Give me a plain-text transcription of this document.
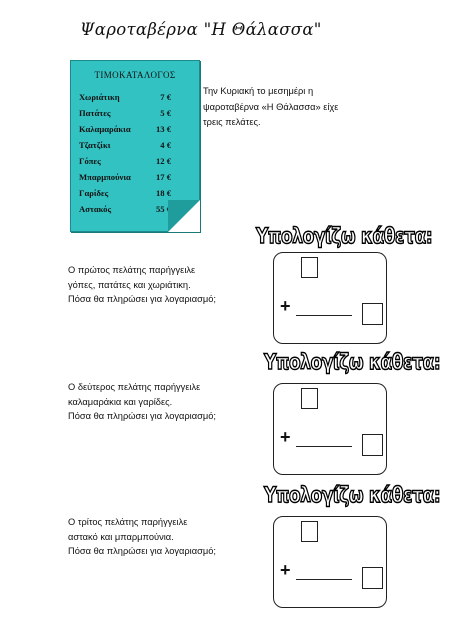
Ψαροταβέρνα "Η Θάλασσα"
ΤΙΜΟΚΑΤΑΛΟΓΟΣ
Χωριάτικη	7 €
Πατάτες	5 €
Καλαμαράκια	13 €
Τζατζίκι	4 €
Γόπες	12 €
Μπαρμπούνια	17 €
Γαρίδες	18 €
Αστακός	55 €

Την Κυριακή το μεσημέρι η

ψαροταβέρνα «Η Θάλασσα» είχε

τρεις πελάτες.

Υπολογίζω κάθετα:

Ο πρώτος πελάτης παρήγγειλε

γόπες, πατάτες και χωριάτικη.

Πόσα θα πληρώσει για λογαριασμό;	+
Υπολογίζω κάθετα:

Ο δεύτερος πελάτης παρήγγειλε

καλαμαράκια και γαρίδες.

Πόσα θα πληρώσει για λογαριασμό;

+
Υπολογίζω κάθετα:

Ο τρίτος πελάτης παρήγγειλε

αστακό και μπαρμπούνια.

Πόσα θα πληρώσει για λογαριασμό;

+
